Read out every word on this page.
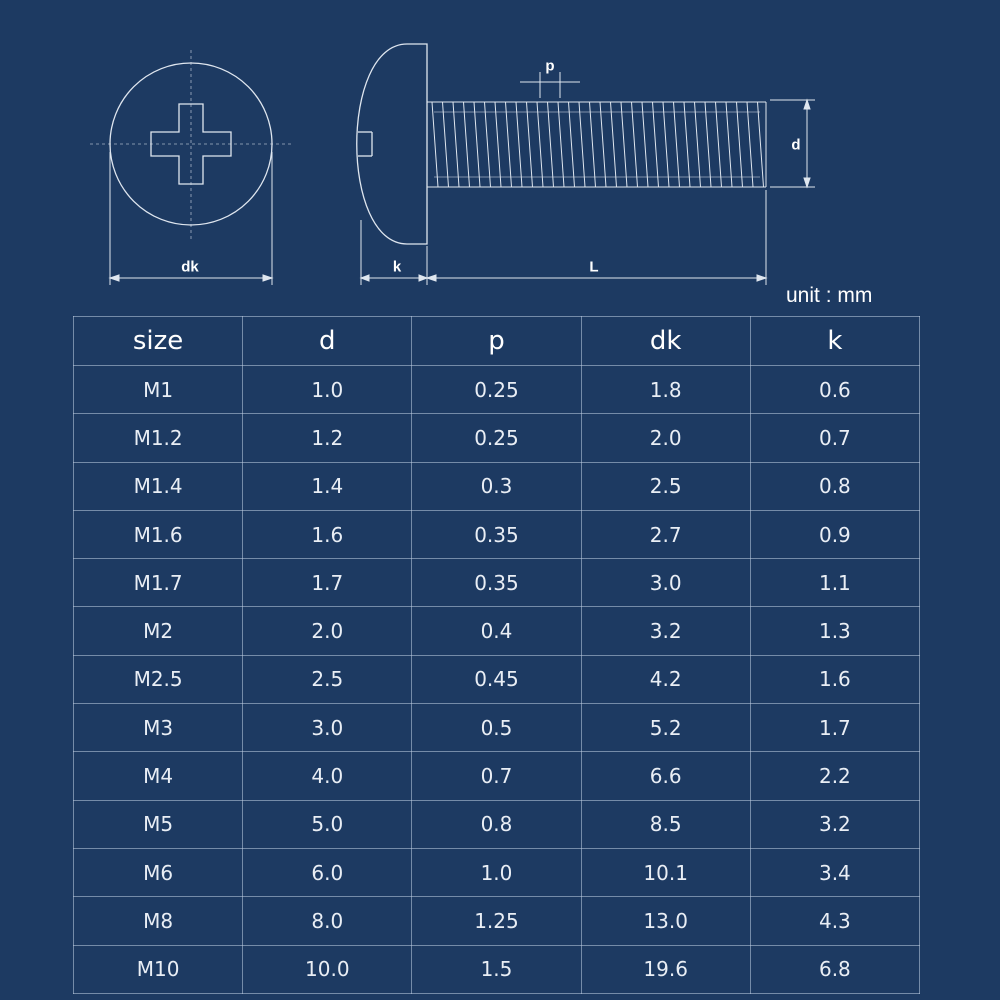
dk	k	L
p
d
unit : mm
size	d	p	dk	k
M1	1.0	0.25	1.8	0.6
M1.2	1.2	0.25	2.0	0.7
M1.4	1.4	0.3	2.5	0.8
M1.6	1.6	0.35	2.7	0.9
M1.7	1.7	0.35	3.0	1.1
M2	2.0	0.4	3.2	1.3
M2.5	2.5	0.45	4.2	1.6
M3	3.0	0.5	5.2	1.7
M4	4.0	0.7	6.6	2.2
M5	5.0	0.8	8.5	3.2
M6	6.0	1.0	10.1	3.4
M8	8.0	1.25	13.0	4.3
M10	10.0	1.5	19.6	6.8
